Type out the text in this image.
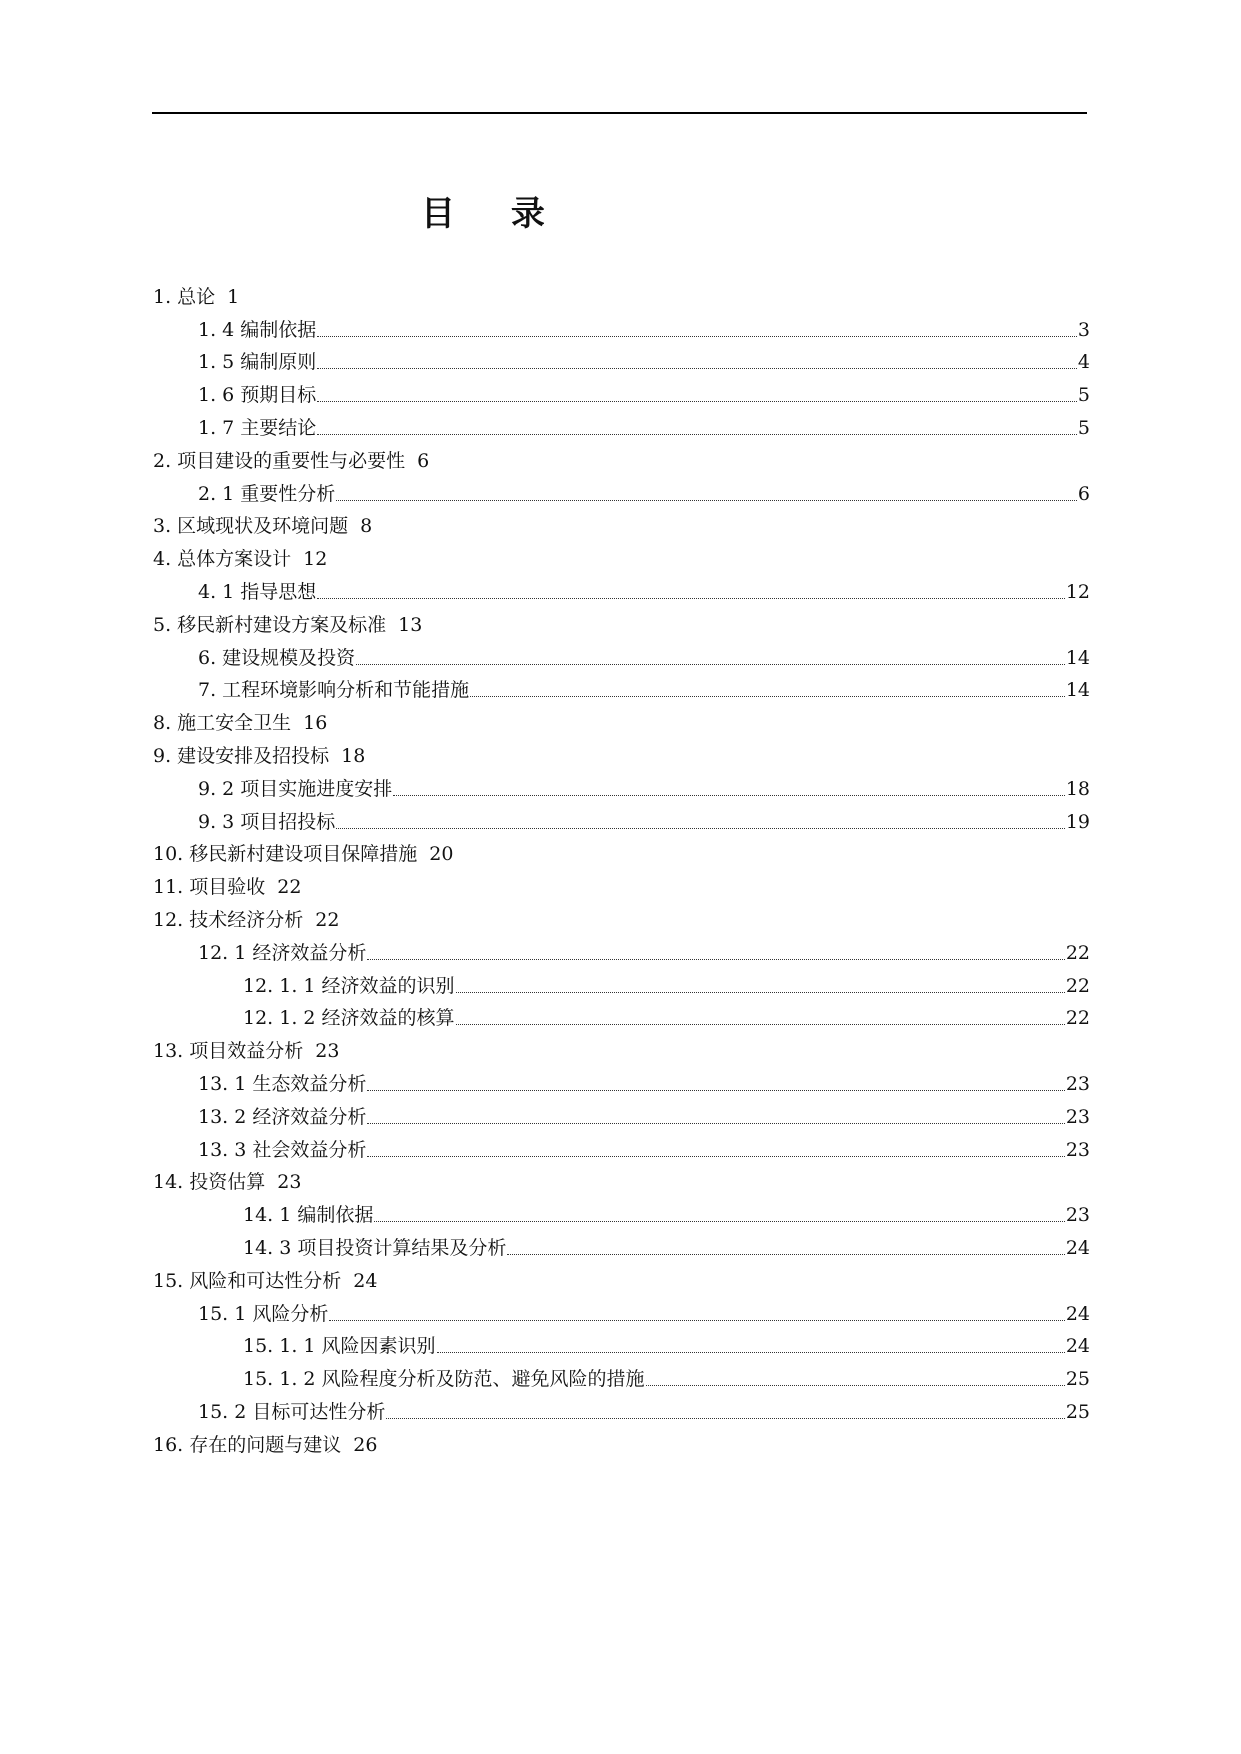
目 录
1. 总论 1
1. 4 编制依据	3
1. 5 编制原则	4
1. 6 预期目标	5
1. 7 主要结论	5
2. 项目建设的重要性与必要性 6
2. 1 重要性分析	6
3. 区域现状及环境问题 8
4. 总体方案设计 12
4. 1 指导思想	12
5. 移民新村建设方案及标准 13
6. 建设规模及投资	14
7. 工程环境影响分析和节能措施	14
8. 施工安全卫生 16
9. 建设安排及招投标 18
9. 2 项目实施进度安排	18
9. 3 项目招投标	19
10. 移民新村建设项目保障措施 20
11. 项目验收 22
12. 技术经济分析 22
12. 1 经济效益分析	22
12. 1. 1 经济效益的识别	22
12. 1. 2 经济效益的核算	22
13. 项目效益分析 23
13. 1 生态效益分析	23
13. 2 经济效益分析	23
13. 3 社会效益分析	23
14. 投资估算 23
14. 1 编制依据	23
14. 3 项目投资计算结果及分析	24
15. 风险和可达性分析 24
15. 1 风险分析	24
15. 1. 1 风险因素识别	24
15. 1. 2 风险程度分析及防范、避免风险的措施	25
15. 2 目标可达性分析	25
16. 存在的问题与建议 26
